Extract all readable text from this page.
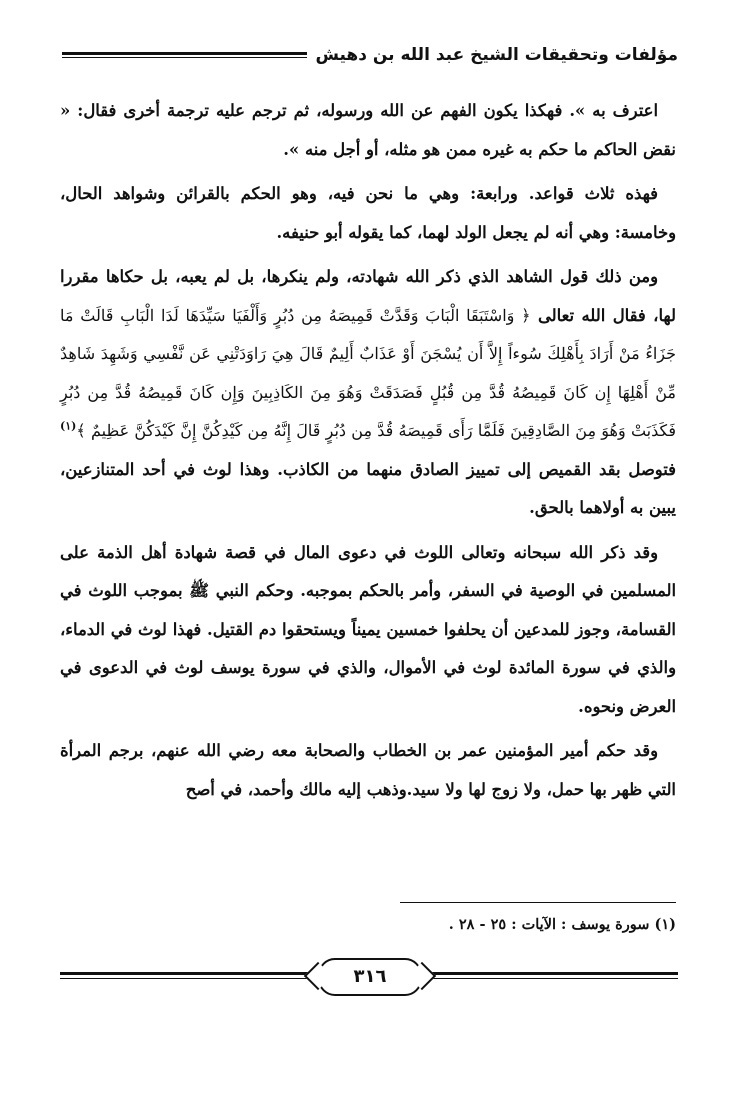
مؤلفات وتحقيقات الشيخ عبد الله بن دهيش

اعترف به ». فهكذا يكون الفهم عن الله ورسوله، ثم ترجم عليه ترجمة أخرى فقال: « نقض الحاكم ما حكم به غيره ممن هو مثله، أو أجل منه ».

فهذه ثلاث قواعد. ورابعة: وهي ما نحن فيه، وهو الحكم بالقرائن وشواهد الحال، وخامسة: وهي أنه لم يجعل الولد لهما، كما يقوله أبو حنيفه.

ومن ذلك قول الشاهد الذي ذكر الله شهادته، ولم ينكرها، بل لم يعبه، بل حكاها مقررا لها، فقال الله تعالى ﴿ وَاسْتَبَقَا الْبَابَ وَقَدَّتْ قَمِيصَهُ مِن دُبُرٍ وَأَلْفَيَا سَيِّدَهَا لَدَا الْبَابِ قَالَتْ مَا جَزَاءُ مَنْ أَرَادَ بِأَهْلِكَ سُوءاً إِلاَّ أَن يُسْجَنَ أَوْ عَذَابٌ أَلِيمٌ قَالَ هِيَ رَاوَدَتْنِي عَن نَّفْسِي وَشَهِدَ شَاهِدٌ مِّنْ أَهْلِهَا إِن كَانَ قَمِيصُهُ قُدَّ مِن قُبُلٍ فَصَدَقَتْ وَهُوَ مِنَ الكَاذِبِينَ وَإِن كَانَ قَمِيصُهُ قُدَّ مِن دُبُرٍ فَكَذَبَتْ وَهُوَ مِنَ الصَّادِقِينَ فَلَمَّا رَأَى قَمِيصَهُ قُدَّ مِن دُبُرٍ قَالَ إِنَّهُ مِن كَيْدِكُنَّ إِنَّ كَيْدَكُنَّ عَظِيمٌ ﴾$^{(١)}$ فتوصل بقد القميص إلى تمييز الصادق منهما من الكاذب. وهذا لوث في أحد المتنازعين، يبين به أولاهما بالحق.

وقد ذكر الله سبحانه وتعالى اللوث في دعوى المال في قصة شهادة أهل الذمة على المسلمين في الوصية في السفر، وأمر بالحكم بموجبه. وحكم النبي ﷺ بموجب اللوث في القسامة، وجوز للمدعين أن يحلفوا خمسين يميناً ويستحقوا دم القتيل. فهذا لوث في الدماء، والذي في سورة المائدة لوث في الأموال، والذي في سورة يوسف لوث في الدعوى في العرض ونحوه.

وقد حكم أمير المؤمنين عمر بن الخطاب والصحابة معه رضي الله عنهم، برجم المرأة التي ظهر بها حمل، ولا زوج لها ولا سيد.وذهب إليه مالك وأحمد، في أصح

(١) سورة يوسف : الآيات : ٢٥ - ٢٨ .
٣١٦
